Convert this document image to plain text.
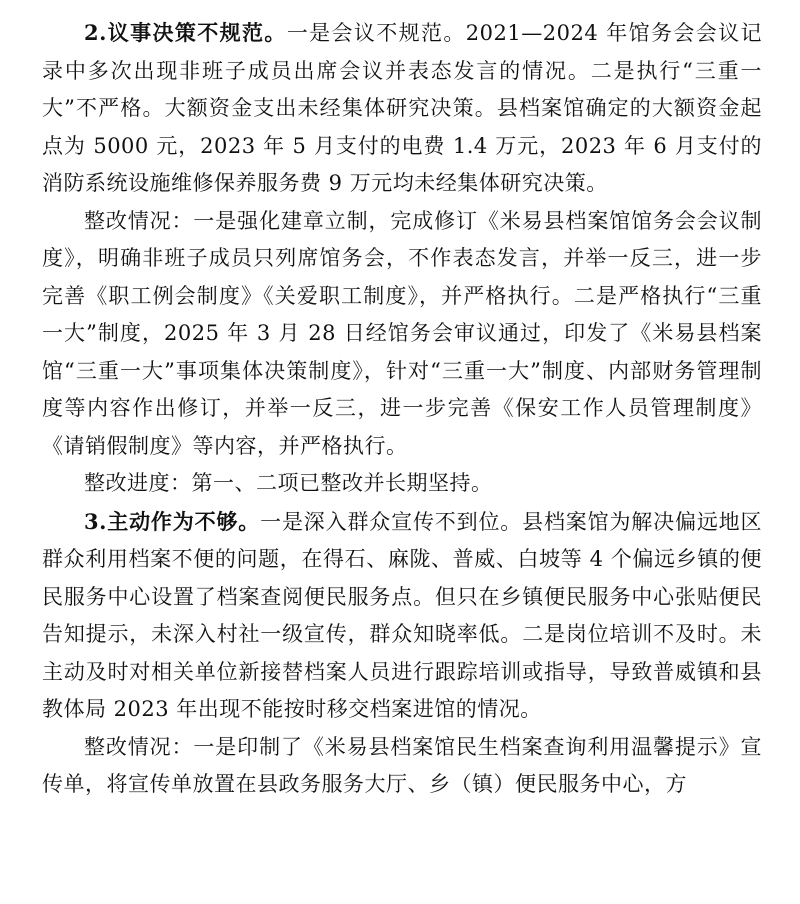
2.议事决策不规范。一是会议不规范。2021—2024 年馆务会会议记录中多次出现非班子成员出席会议并表态发言的情况。二是执行“三重一大”不严格。大额资金支出未经集体研究决策。县档案馆确定的大额资金起点为 5000 元，2023 年 5 月支付的电费 1.4 万元，2023 年 6 月支付的消防系统设施维修保养服务费 9 万元均未经集体研究决策。

整改情况：一是强化建章立制，完成修订《米易县档案馆馆务会会议制度》，明确非班子成员只列席馆务会，不作表态发言，并举一反三，进一步完善《职工例会制度》《关爱职工制度》，并严格执行。二是严格执行“三重一大”制度，2025 年 3 月 28 日经馆务会审议通过，印发了《米易县档案馆“三重一大”事项集体决策制度》，针对“三重一大”制度、内部财务管理制度等内容作出修订，并举一反三，进一步完善《保安工作人员管理制度》《请销假制度》等内容，并严格执行。

整改进度：第一、二项已整改并长期坚持。

3.主动作为不够。一是深入群众宣传不到位。县档案馆为解决偏远地区群众利用档案不便的问题，在得石、麻陇、普威、白坡等 4 个偏远乡镇的便民服务中心设置了档案查阅便民服务点。但只在乡镇便民服务中心张贴便民告知提示，未深入村社一级宣传，群众知晓率低。二是岗位培训不及时。未主动及时对相关单位新接替档案人员进行跟踪培训或指导，导致普威镇和县教体局 2023 年出现不能按时移交档案进馆的情况。

整改情况：一是印制了《米易县档案馆民生档案查询利用温馨提示》宣传单，将宣传单放置在县政务服务大厅、乡（镇）便民服务中心，方
